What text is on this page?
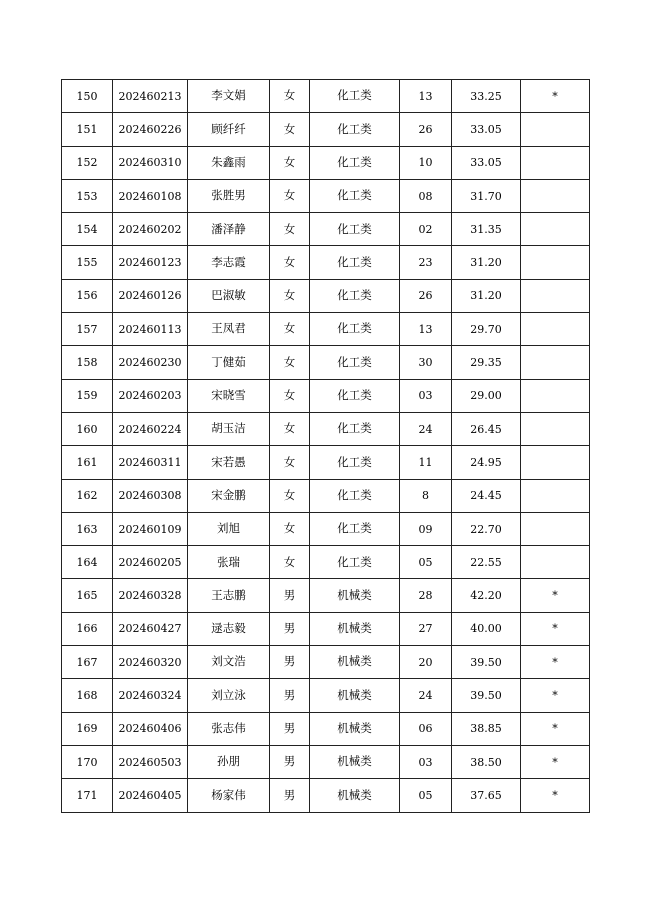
150	202460213	李文娟	女	化工类	13	33.25	*
151	202460226	顾纤纤	女	化工类	26	33.05	
152	202460310	朱鑫雨	女	化工类	10	33.05	
153	202460108	张胜男	女	化工类	08	31.70	
154	202460202	潘泽静	女	化工类	02	31.35	
155	202460123	李志霞	女	化工类	23	31.20	
156	202460126	巴淑敏	女	化工类	26	31.20	
157	202460113	王凤君	女	化工类	13	29.70	
158	202460230	丁健茹	女	化工类	30	29.35	
159	202460203	宋晓雪	女	化工类	03	29.00	
160	202460224	胡玉洁	女	化工类	24	26.45	
161	202460311	宋若愚	女	化工类	11	24.95	
162	202460308	宋金鹏	女	化工类	8	24.45	
163	202460109	刘旭	女	化工类	09	22.70	
164	202460205	张瑞	女	化工类	05	22.55	
165	202460328	王志鹏	男	机械类	28	42.20	*
166	202460427	逯志毅	男	机械类	27	40.00	*
167	202460320	刘文浩	男	机械类	20	39.50	*
168	202460324	刘立泳	男	机械类	24	39.50	*
169	202460406	张志伟	男	机械类	06	38.85	*
170	202460503	孙朋	男	机械类	03	38.50	*
171	202460405	杨家伟	男	机械类	05	37.65	*
